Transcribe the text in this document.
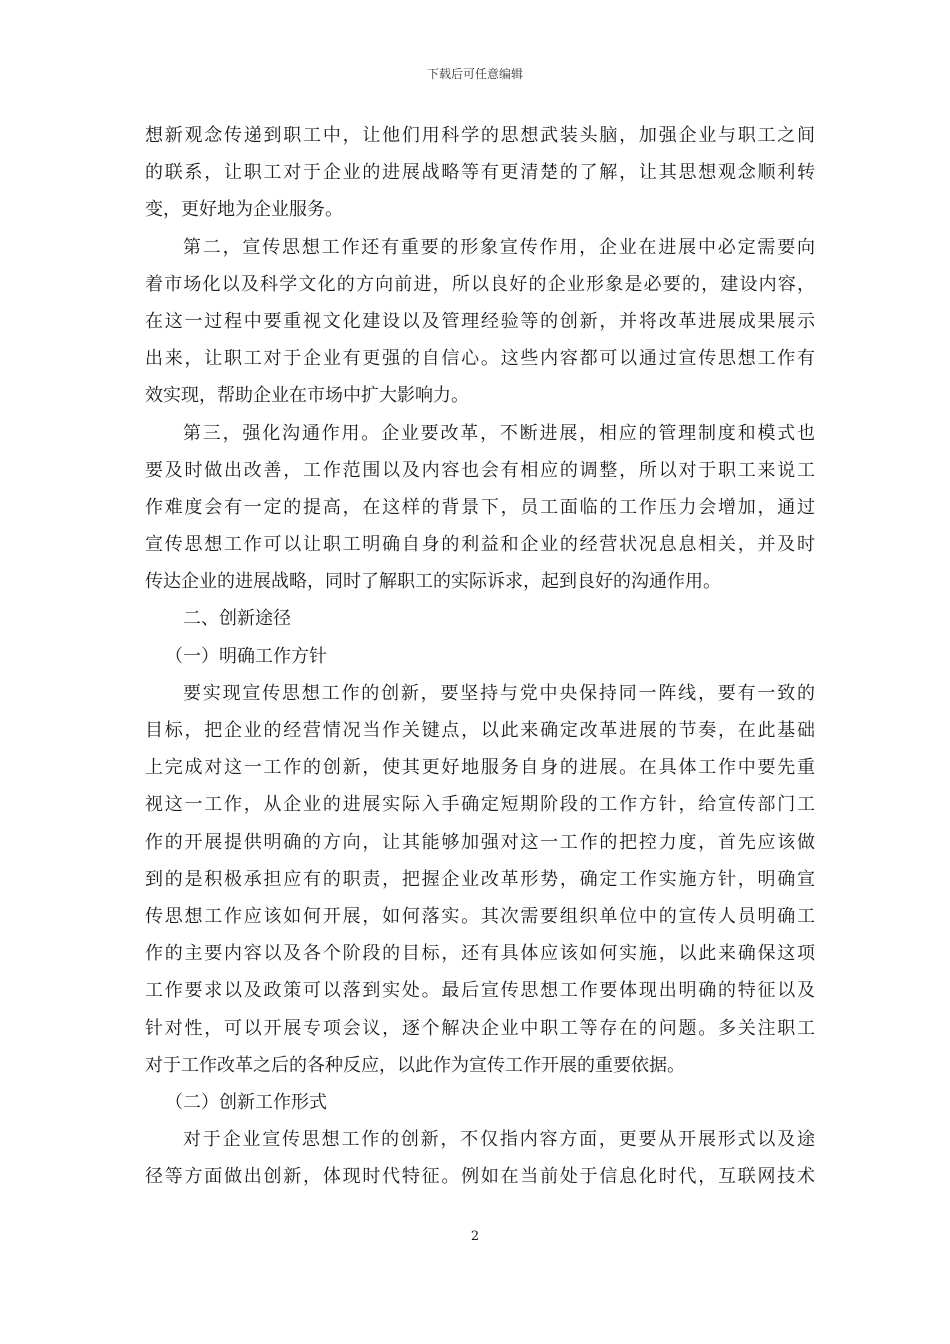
下载后可任意编辑
想新观念传递到职工中，让他们用科学的思想武装头脑，加强企业与职工之间
的联系，让职工对于企业的进展战略等有更清楚的了解，让其思想观念顺利转
变，更好地为企业服务。
第二，宣传思想工作还有重要的形象宣传作用，企业在进展中必定需要向
着市场化以及科学文化的方向前进，所以良好的企业形象是必要的，建设内容，
在这一过程中要重视文化建设以及管理经验等的创新，并将改革进展成果展示
出来，让职工对于企业有更强的自信心。这些内容都可以通过宣传思想工作有
效实现，帮助企业在市场中扩大影响力。
第三，强化沟通作用。企业要改革，不断进展，相应的管理制度和模式也
要及时做出改善，工作范围以及内容也会有相应的调整，所以对于职工来说工
作难度会有一定的提高，在这样的背景下，员工面临的工作压力会增加，通过
宣传思想工作可以让职工明确自身的利益和企业的经营状况息息相关，并及时
传达企业的进展战略，同时了解职工的实际诉求，起到良好的沟通作用。
二、创新途径
（一）明确工作方针
要实现宣传思想工作的创新，要坚持与党中央保持同一阵线，要有一致的
目标，把企业的经营情况当作关键点，以此来确定改革进展的节奏，在此基础
上完成对这一工作的创新，使其更好地服务自身的进展。在具体工作中要先重
视这一工作，从企业的进展实际入手确定短期阶段的工作方针，给宣传部门工
作的开展提供明确的方向，让其能够加强对这一工作的把控力度，首先应该做
到的是积极承担应有的职责，把握企业改革形势，确定工作实施方针，明确宣
传思想工作应该如何开展，如何落实。其次需要组织单位中的宣传人员明确工
作的主要内容以及各个阶段的目标，还有具体应该如何实施，以此来确保这项
工作要求以及政策可以落到实处。最后宣传思想工作要体现出明确的特征以及
针对性，可以开展专项会议，逐个解决企业中职工等存在的问题。多关注职工
对于工作改革之后的各种反应，以此作为宣传工作开展的重要依据。
（二）创新工作形式
对于企业宣传思想工作的创新，不仅指内容方面，更要从开展形式以及途
径等方面做出创新，体现时代特征。例如在当前处于信息化时代，互联网技术
2
